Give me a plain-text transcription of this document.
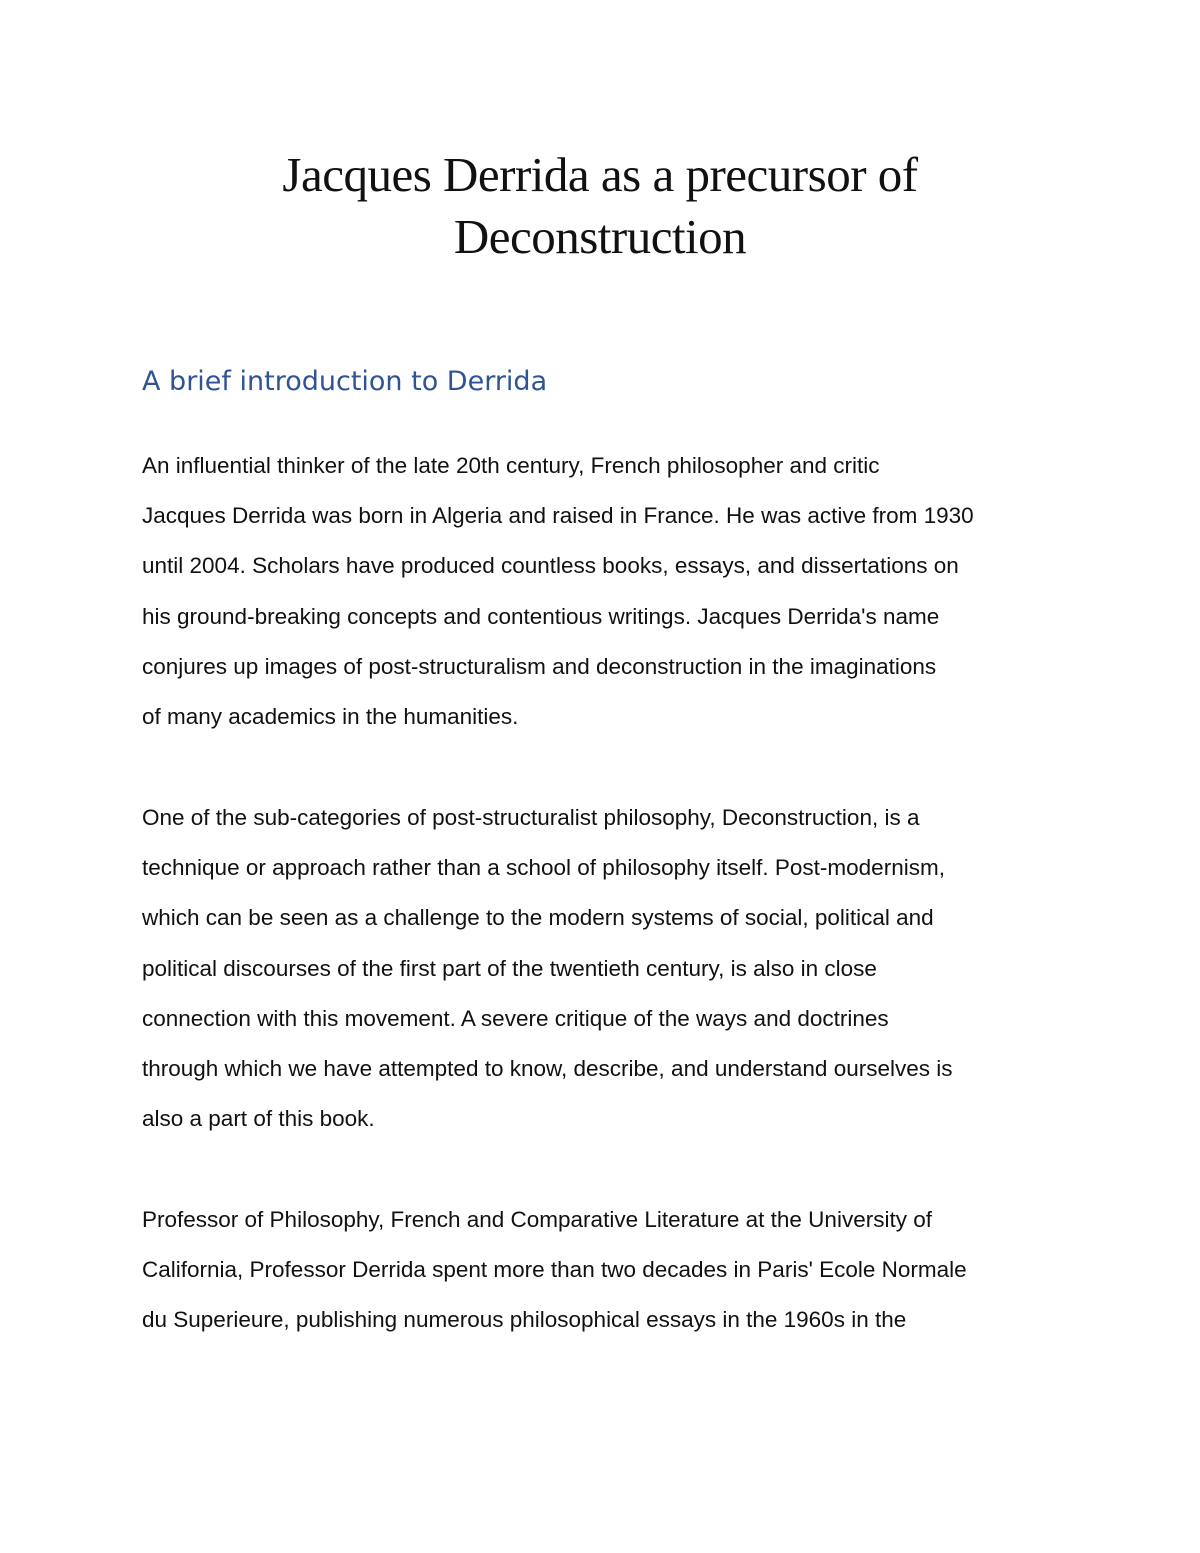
Jacques Derrida as a precursor of
Deconstruction
A brief introduction to Derrida

An influential thinker of the late 20th century, French philosopher and critic
Jacques Derrida was born in Algeria and raised in France. He was active from 1930
until 2004. Scholars have produced countless books, essays, and dissertations on
his ground-breaking concepts and contentious writings. Jacques Derrida's name
conjures up images of post-structuralism and deconstruction in the imaginations
of many academics in the humanities.

One of the sub-categories of post-structuralist philosophy, Deconstruction, is a
technique or approach rather than a school of philosophy itself. Post-modernism,
which can be seen as a challenge to the modern systems of social, political and
political discourses of the first part of the twentieth century, is also in close
connection with this movement. A severe critique of the ways and doctrines
through which we have attempted to know, describe, and understand ourselves is
also a part of this book.

Professor of Philosophy, French and Comparative Literature at the University of
California, Professor Derrida spent more than two decades in Paris' Ecole Normale
du Superieure, publishing numerous philosophical essays in the 1960s in the
